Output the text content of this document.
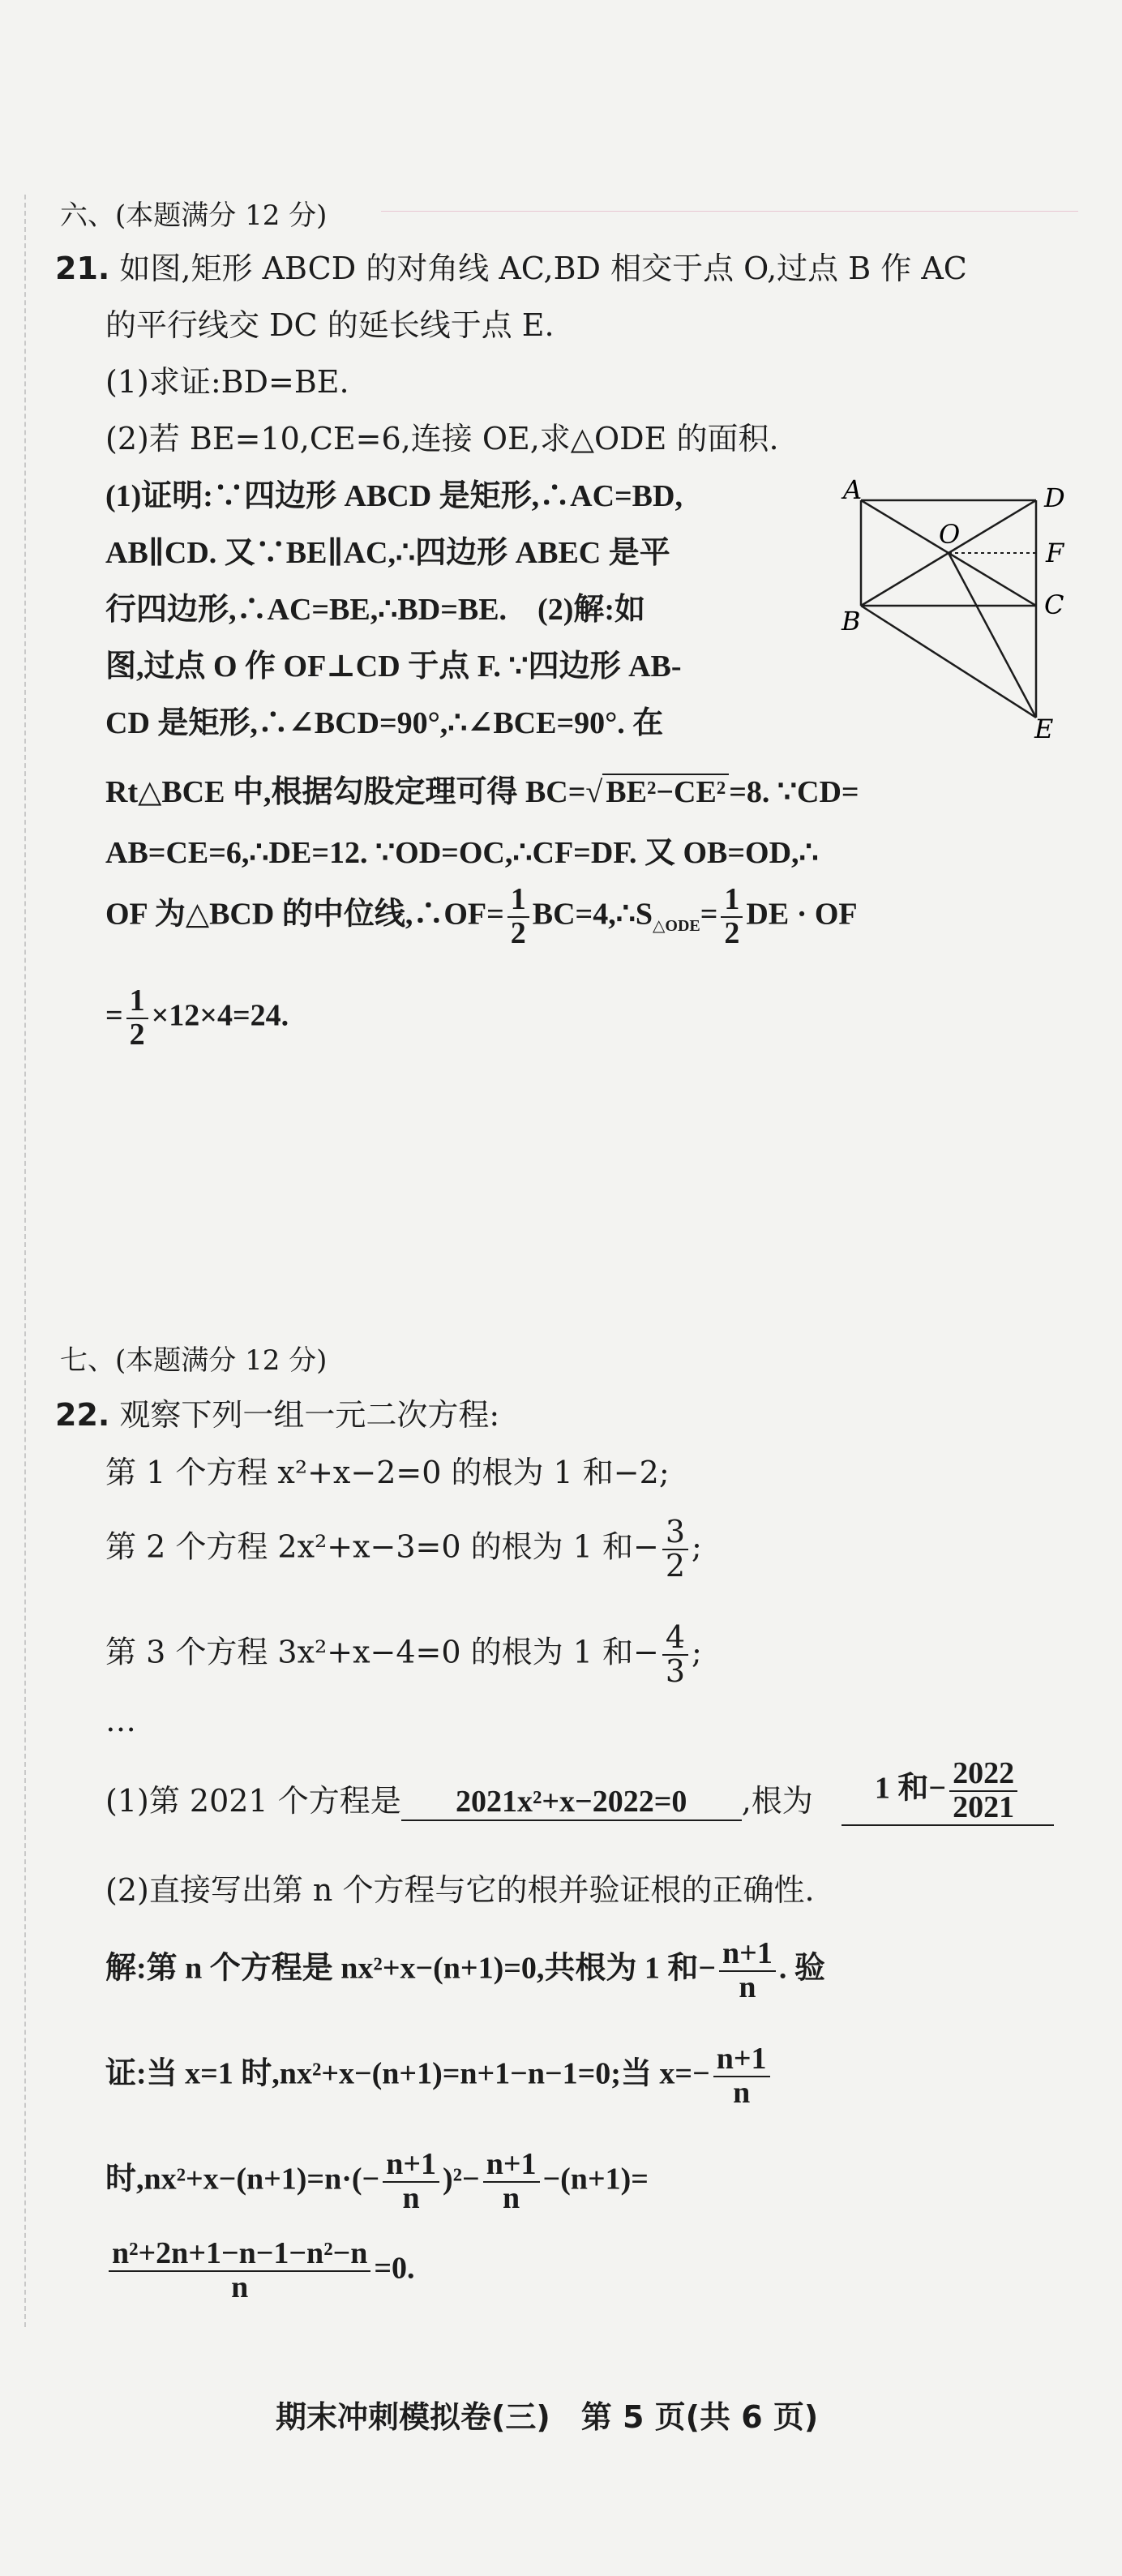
六、(本题满分 12 分)
21. 如图,矩形 ABCD 的对角线 AC,BD 相交于点 O,过点 B 作 AC
的平行线交 DC 的延长线于点 E.
(1)求证:BD=BE.
(2)若 BE=10,CE=6,连接 OE,求△ODE 的面积.
(1)证明:∵四边形 ABCD 是矩形,∴AC=BD,
AB∥CD. 又∵BE∥AC,∴四边形 ABEC 是平
行四边形,∴AC=BE,∴BD=BE.　(2)解:如
图,过点 O 作 OF⊥CD 于点 F. ∵四边形 AB-
CD 是矩形,∴∠BCD=90°,∴∠BCE=90°. 在
A	D
O
F
B
C
E
Rt△BCE 中,根据勾股定理可得 BC=√ BE²−CE² =8. ∵CD=
AB=CE=6,∴DE=12. ∵OD=OC,∴CF=DF. 又 OB=OD,∴
OF 为△BCD 的中位线,∴OF= $\frac{1}{2}$ $BC=4,\therefore S_{\triangle ODE}= \frac{1}{2}$ DE · OF
= $\frac{1}{2} \times 12\times 4=24$.
七、(本题满分 12 分)
22. 观察下列一组一元二次方程:
第 1 个方程 x²+x−2=0 的根为 1 和−2;
第 2 个方程 2x²+x−3=0 的根为 1 和− $\frac{3}{2}$ ;
第 3 个方程 3x²+x−4=0 的根为 1 和− $\frac{4}{3}$ ;
…
(1)第 2021 个方程是 2021x²+x−2022=0 ,根为	1 和− $\frac{2022}{2021}$
(2)直接写出第 n 个方程与它的根并验证根的正确性.
解:第 n 个方程是 nx²+x−(n+1)=0,共根为 1 和− $\frac{n+1}{n}$ . 验
证:当 x=1 时,nx²+x−(n+1)=n+1−n−1=0;当 $x=- \frac{n+1}{n}$
时$,nx^2+x-(n+1)=n\cdot(- \frac{n+1}{n} )^2- \frac{n+1}{n} -(n+1)=$
$\frac{\text{n²+2n+1−n−1−n²−n}}{n} =0$.
期末冲刺模拟卷(三)　第 5 页(共 6 页)
